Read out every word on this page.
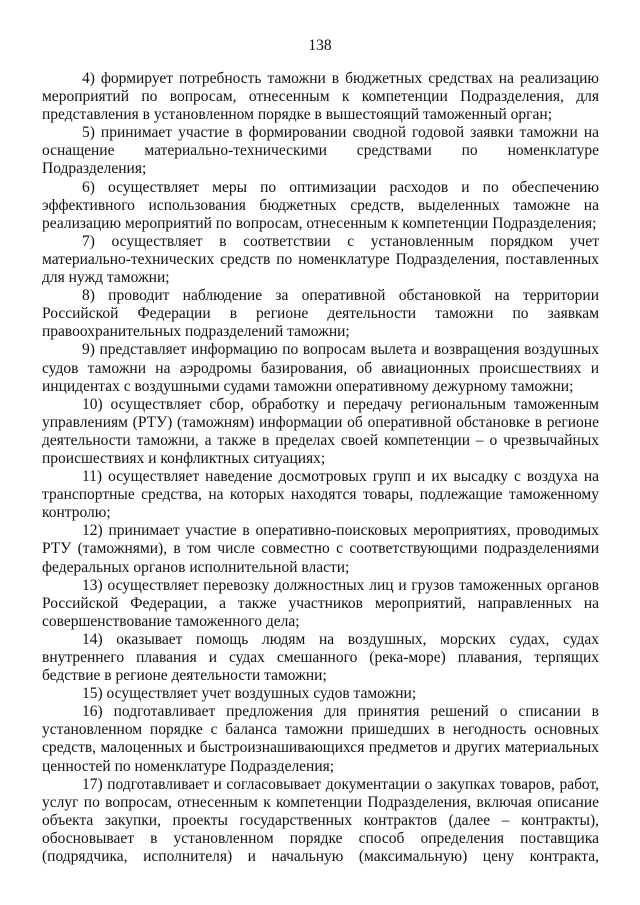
138

4) формирует потребность таможни в бюджетных средствах на реализацию мероприятий по вопросам, отнесенным к компетенции Подразделения, для представления в установленном порядке в вышестоящий таможенный орган;

5) принимает участие в формировании сводной годовой заявки таможни на оснащение материально-техническими средствами по номенклатуре Подразделения;

6) осуществляет меры по оптимизации расходов и по обеспечению эффективного использования бюджетных средств, выделенных таможне на реализацию мероприятий по вопросам, отнесенным к компетенции Подразделения;

7) осуществляет в соответствии с установленным порядком учет материально-технических средств по номенклатуре Подразделения, поставленных для нужд таможни;

8) проводит наблюдение за оперативной обстановкой на территории Российской Федерации в регионе деятельности таможни по заявкам правоохранительных подразделений таможни;

9) представляет информацию по вопросам вылета и возвращения воздушных судов таможни на аэродромы базирования, об авиационных происшествиях и инцидентах с воздушными судами таможни оперативному дежурному таможни;

10) осуществляет сбор, обработку и передачу региональным таможенным управлениям (РТУ) (таможням) информации об оперативной обстановке в регионе деятельности таможни, а также в пределах своей компетенции – о чрезвычайных происшествиях и конфликтных ситуациях;

11) осуществляет наведение досмотровых групп и их высадку с воздуха на транспортные средства, на которых находятся товары, подлежащие таможенному контролю;

12) принимает участие в оперативно-поисковых мероприятиях, проводимых РТУ (таможнями), в том числе совместно с соответствующими подразделениями федеральных органов исполнительной власти;

13) осуществляет перевозку должностных лиц и грузов таможенных органов Российской Федерации, а также участников мероприятий, направленных на совершенствование таможенного дела;

14) оказывает помощь людям на воздушных, морских судах, судах внутреннего плавания и судах смешанного (река-море) плавания, терпящих бедствие в регионе деятельности таможни;

15) осуществляет учет воздушных судов таможни;

16) подготавливает предложения для принятия решений о списании в установленном порядке с баланса таможни пришедших в негодность основных средств, малоценных и быстроизнашивающихся предметов и других материальных ценностей по номенклатуре Подразделения;

17) подготавливает и согласовывает документации о закупках товаров, работ, услуг по вопросам, отнесенным к компетенции Подразделения, включая описание объекта закупки, проекты государственных контрактов (далее – контракты), обосновывает в установленном порядке способ определения поставщика (подрядчика, исполнителя) и начальную (максимальную) цену контракта,
